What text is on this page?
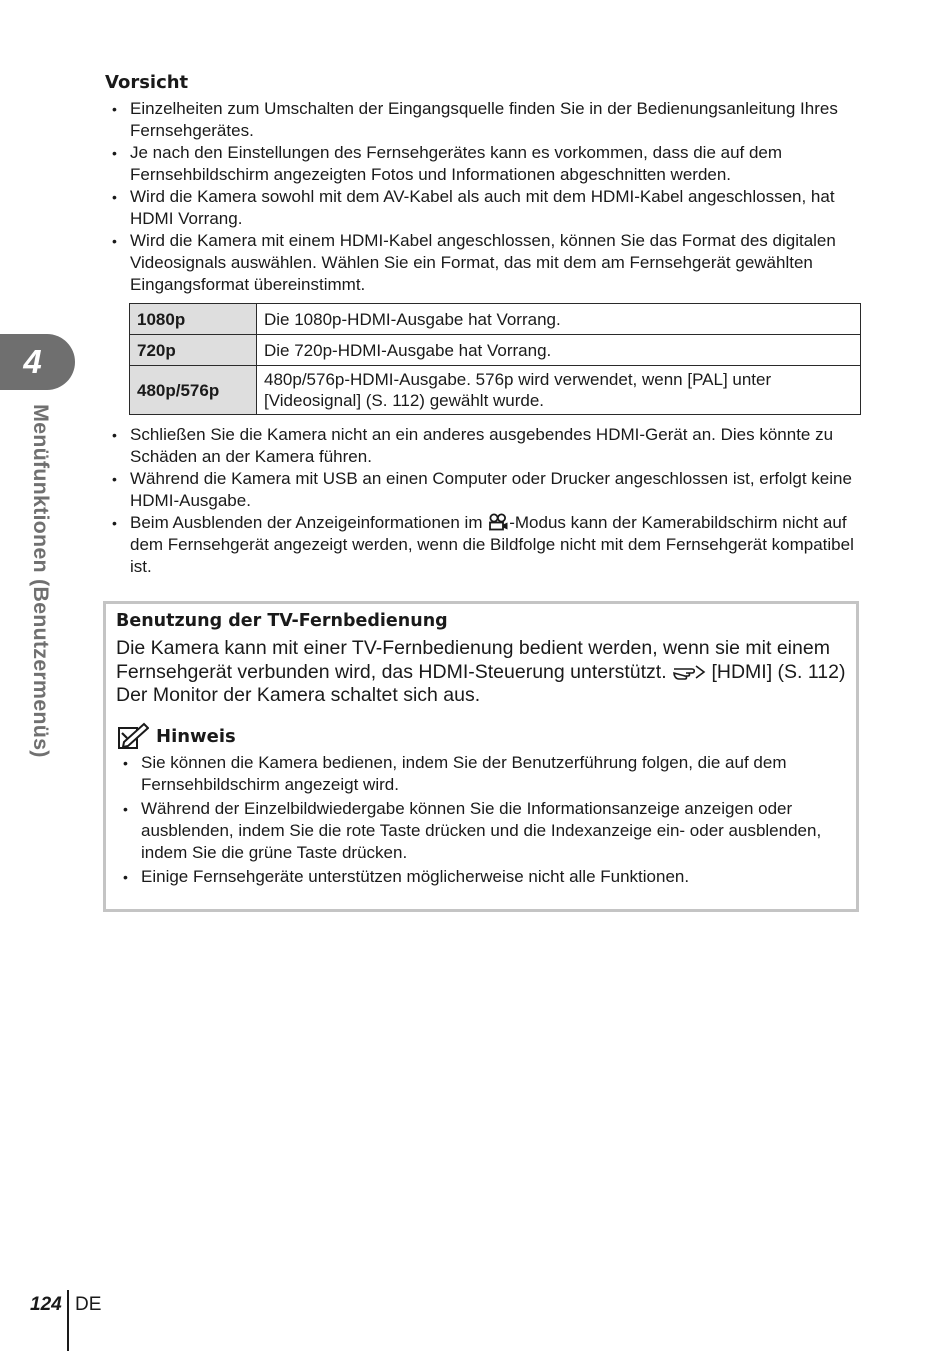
4
Menüfunktionen (Benutzermenüs)
Vorsicht
• Einzelheiten zum Umschalten der Eingangsquelle finden Sie in der Bedienungsanleitung Ihres Fernsehgerätes.
• Je nach den Einstellungen des Fernsehgerätes kann es vorkommen, dass die auf dem Fernsehbildschirm angezeigten Fotos und Informationen abgeschnitten werden.
• Wird die Kamera sowohl mit dem AV-Kabel als auch mit dem HDMI-Kabel angeschlossen, hat HDMI Vorrang.
• Wird die Kamera mit einem HDMI-Kabel angeschlossen, können Sie das Format des digitalen Videosignals auswählen. Wählen Sie ein Format, das mit dem am Fernsehgerät gewählten Eingangsformat übereinstimmt.
1080p	Die 1080p-HDMI-Ausgabe hat Vorrang.
720p	Die 720p-HDMI-Ausgabe hat Vorrang.
480p/576p	480p/576p-HDMI-Ausgabe. 576p wird verwendet, wenn [PAL] unter [Videosignal] (S. 112) gewählt wurde.
• Schließen Sie die Kamera nicht an ein anderes ausgebendes HDMI-Gerät an. Dies könnte zu Schäden an der Kamera führen.
• Während die Kamera mit USB an einen Computer oder Drucker angeschlossen ist, erfolgt keine HDMI-Ausgabe.
• Beim Ausblenden der Anzeigeinformationen im -Modus kann der Kamerabildschirm nicht auf dem Fernsehgerät angezeigt werden, wenn die Bildfolge nicht mit dem Fernsehgerät kompatibel ist.
Benutzung der TV-Fernbedienung

Die Kamera kann mit einer TV-Fernbedienung bedient werden, wenn sie mit einem Fernsehgerät verbunden wird, das HDMI-Steuerung unterstützt. [HDMI] (S. 112)
Der Monitor der Kamera schaltet sich aus.

Hinweis
• Sie können die Kamera bedienen, indem Sie der Benutzerführung folgen, die auf dem Fernsehbildschirm angezeigt wird.
• Während der Einzelbildwiedergabe können Sie die Informationsanzeige anzeigen oder ausblenden, indem Sie die rote Taste drücken und die Indexanzeige ein- oder ausblenden, indem Sie die grüne Taste drücken.
• Einige Fernsehgeräte unterstützen möglicherweise nicht alle Funktionen.
124 DE
